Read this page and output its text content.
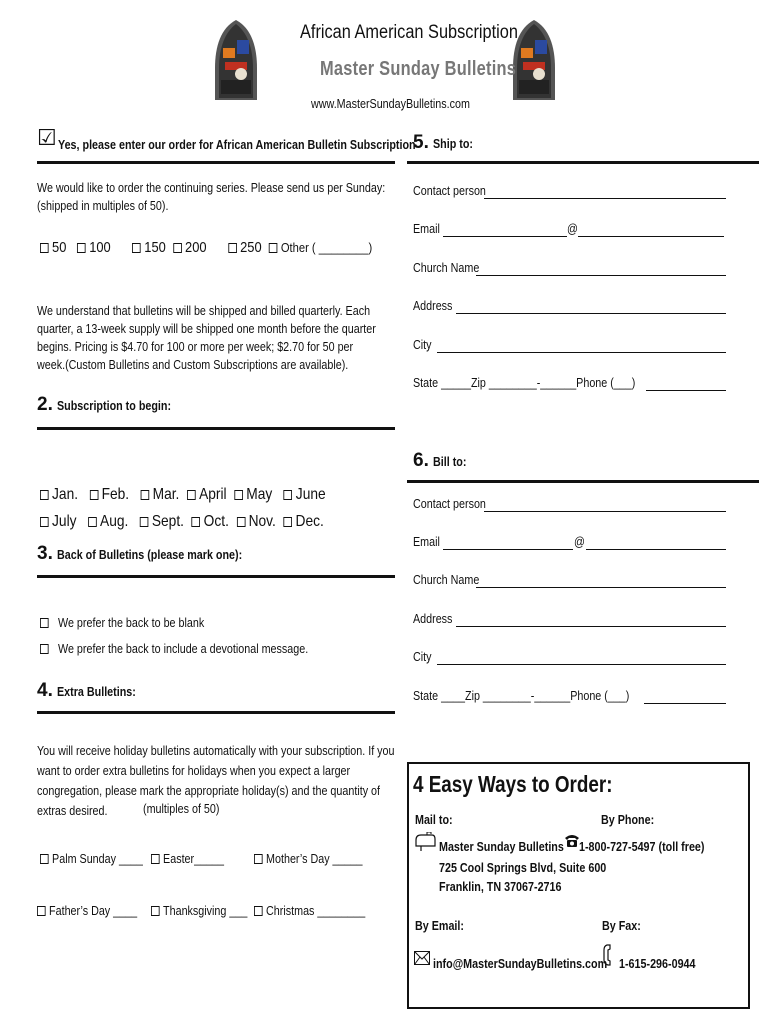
African American Subscription
Master Sunday Bulletins
www.MasterSundayBulletins.com
☑ Yes, please enter our order for African American Bulletin Subscription
We would like to order the continuing series. Please send us per Sunday:
(shipped in multiples of 50).
50 100 150 200 250 Other ( ________)
We understand that bulletins will be shipped and billed quarterly. Each quarter, a 13-week supply will be shipped one month before the quarter begins. Pricing is $4.70 for 100 or more per week; $2.70 for 50 per week.(Custom Bulletins and Custom Subscriptions are available).
2. Subscription to begin:
Jan. Feb. Mar. April May June
July Aug. Sept. Oct. Nov. Dec.
3. Back of Bulletins (please mark one):
We prefer the back to be blank
We prefer the back to include a devotional message.
4. Extra Bulletins:
You will receive holiday bulletins automatically with your subscription. If you want to order extra bulletins for holidays when you expect a larger congregation, please mark the appropriate holiday(s) and the quantity of extras desired.	(multiples of 50)
Palm Sunday ____	Easter_____	Mother’s Day _____
Father’s Day ____	Thanksgiving ___	Christmas ________
5. Ship to:
Contact person
Email	@
Church Name
Address
City
State _____Zip ________-______Phone (___)
6. Bill to:
Contact person
Email	@
Church Name
Address
City
State ____Zip ________-______Phone (___)
4 Easy Ways to Order:
Mail to:	By Phone:
Master Sunday Bulletins 1-800-727-5497 (toll free)
725 Cool Springs Blvd, Suite 600
Franklin, TN 37067-2716
By Email:	By Fax:
info@MasterSundayBulletins.com 1-615-296-0944
